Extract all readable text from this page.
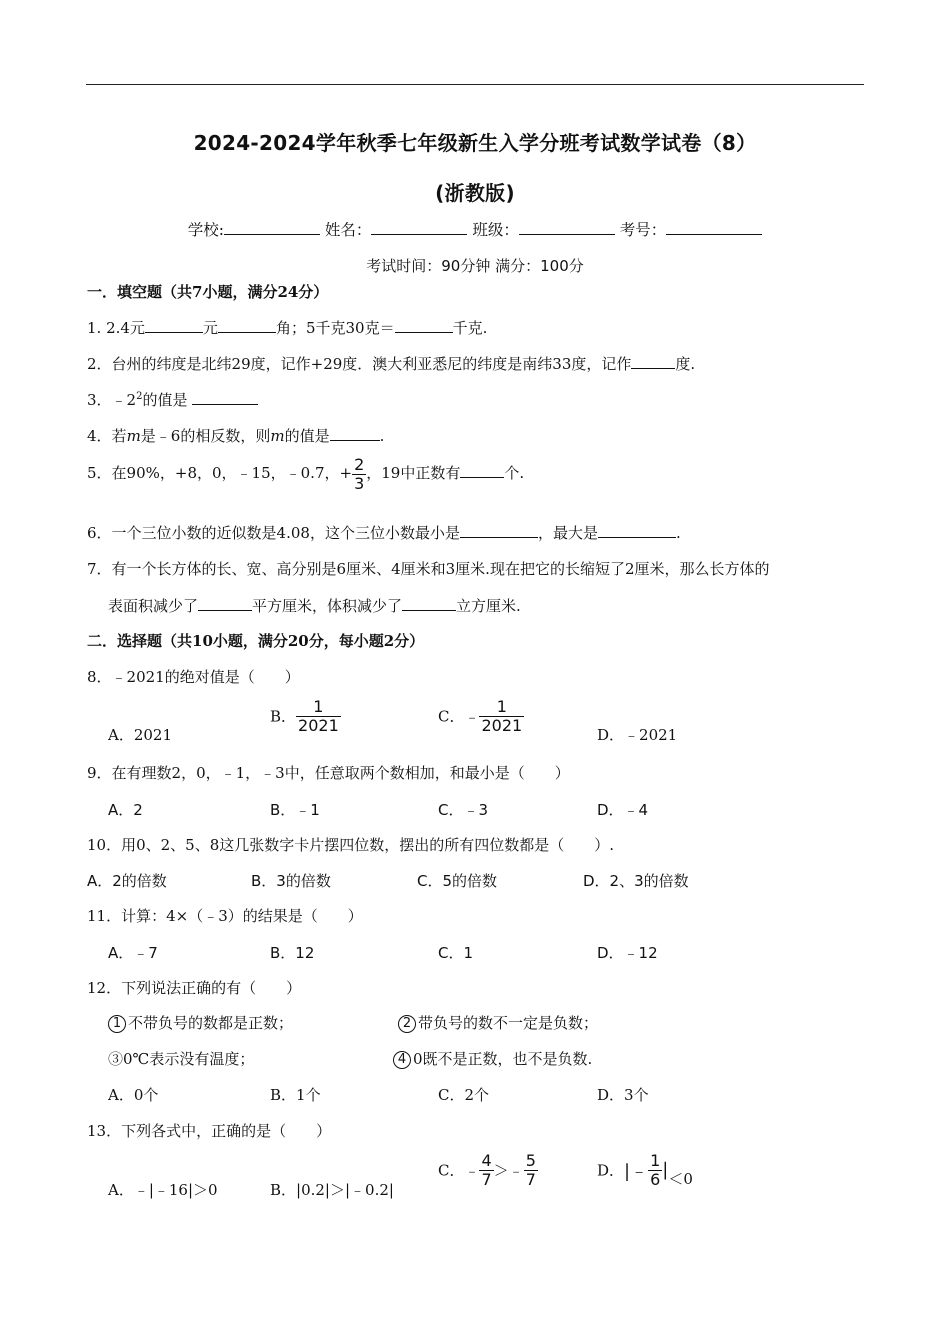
2024-2024学年秋季七年级新生入学分班考试数学试卷（8）
(浙教版)
学校:	姓名：	班级：	考号：
考试时间：90分钟 满分：100分
一．填空题（共7小题，满分24分）
1. 2.4元	元	角；5千克30克＝	千克.
2．台州的纬度是北纬29度，记作+29度．澳大利亚悉尼的纬度是南纬33度，记作	度.
3．$﹣2^2$的值是
4．若m是﹣6的相反数，则m的值是	.
5．在90%，+8，0，﹣15，﹣0.7，+ $\frac{2}{3}$ ，19中正数有	个.
6．一个三位小数的近似数是4.08，这个三位小数最小是	，最大是	.
7．有一个长方体的长、宽、高分别是6厘米、4厘米和3厘米.现在把它的长缩短了2厘米，那么长方体的
表面积减少了	平方厘米，体积减少了	立方厘米.
二．选择题（共10小题，满分20分，每小题2分）
8．﹣2021的绝对值是（　　）
A．2021
B． $\frac{1}{2021}$	C．﹣ $\frac{1}{2021}$
D．﹣2021
9．在有理数2，0，﹣1，﹣3中，任意取两个数相加，和最小是（　　）
A．2	B．﹣1	C．﹣3	D．﹣4
10．用0、2、5、8这几张数字卡片摆四位数，摆出的所有四位数都是（　　）.
A．2的倍数	B．3的倍数	C．5的倍数	D．2、3的倍数
11．计算：4×（﹣3）的结果是（　　）
A．﹣7	B．12	C．1	D．﹣12
12．下列说法正确的有（　　）
1 不带负号的数都是正数；	2 带负号的数不一定是负数；
③0℃表示没有温度；	4 0既不是正数，也不是负数.
A．0个	B．1个	C．2个	D．3个
13．下列各式中，正确的是（　　）
A．﹣|﹣16|＞0	B．|0.2|＞|﹣0.2|
C．﹣ $\frac{4}{7}$ ＞﹣ $\frac{5}{7}$	D．|﹣ $\frac{1}{6} |<0$
